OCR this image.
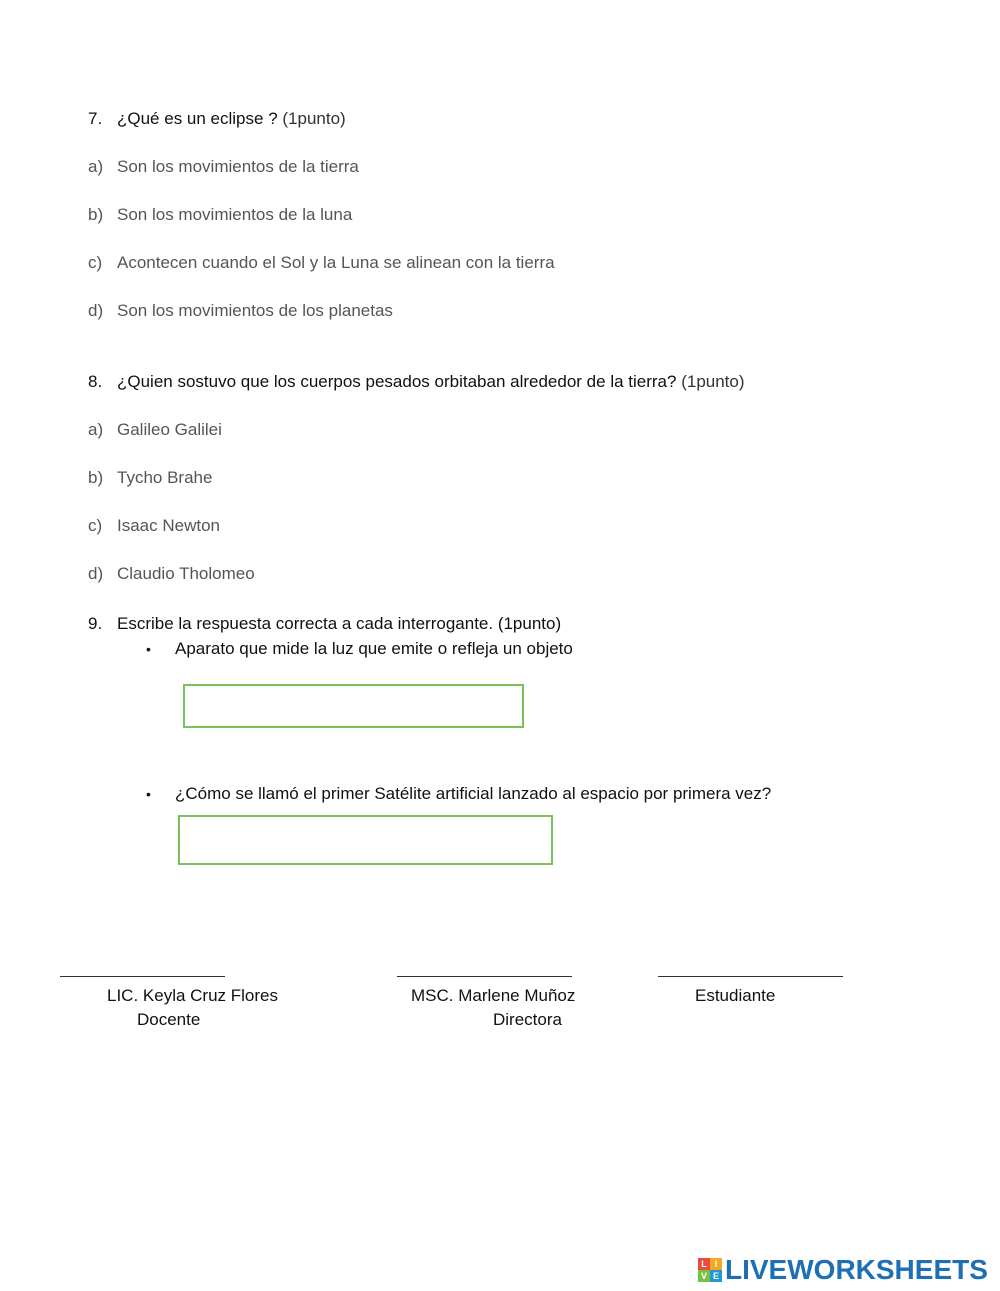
7. ¿Qué es un eclipse ? (1punto)
a) Son los movimientos de la tierra
b) Son los movimientos de la luna
c) Acontecen cuando el Sol y la Luna se alinean con la tierra
d) Son los movimientos de los planetas
8. ¿Quien sostuvo que los cuerpos pesados orbitaban alrededor de la tierra? (1punto)
a) Galileo Galilei
b) Tycho Brahe
c) Isaac Newton
d) Claudio Tholomeo
9. Escribe la respuesta correcta a cada interrogante. (1punto)
• Aparato que mide la luz que emite o refleja un objeto
• ¿Cómo se llamó el primer Satélite artificial lanzado al espacio por primera vez?
LIC. Keyla Cruz Flores
Docente
MSC. Marlene Muñoz
Directora
Estudiante
L I
V E LIVEWORKSHEETS
